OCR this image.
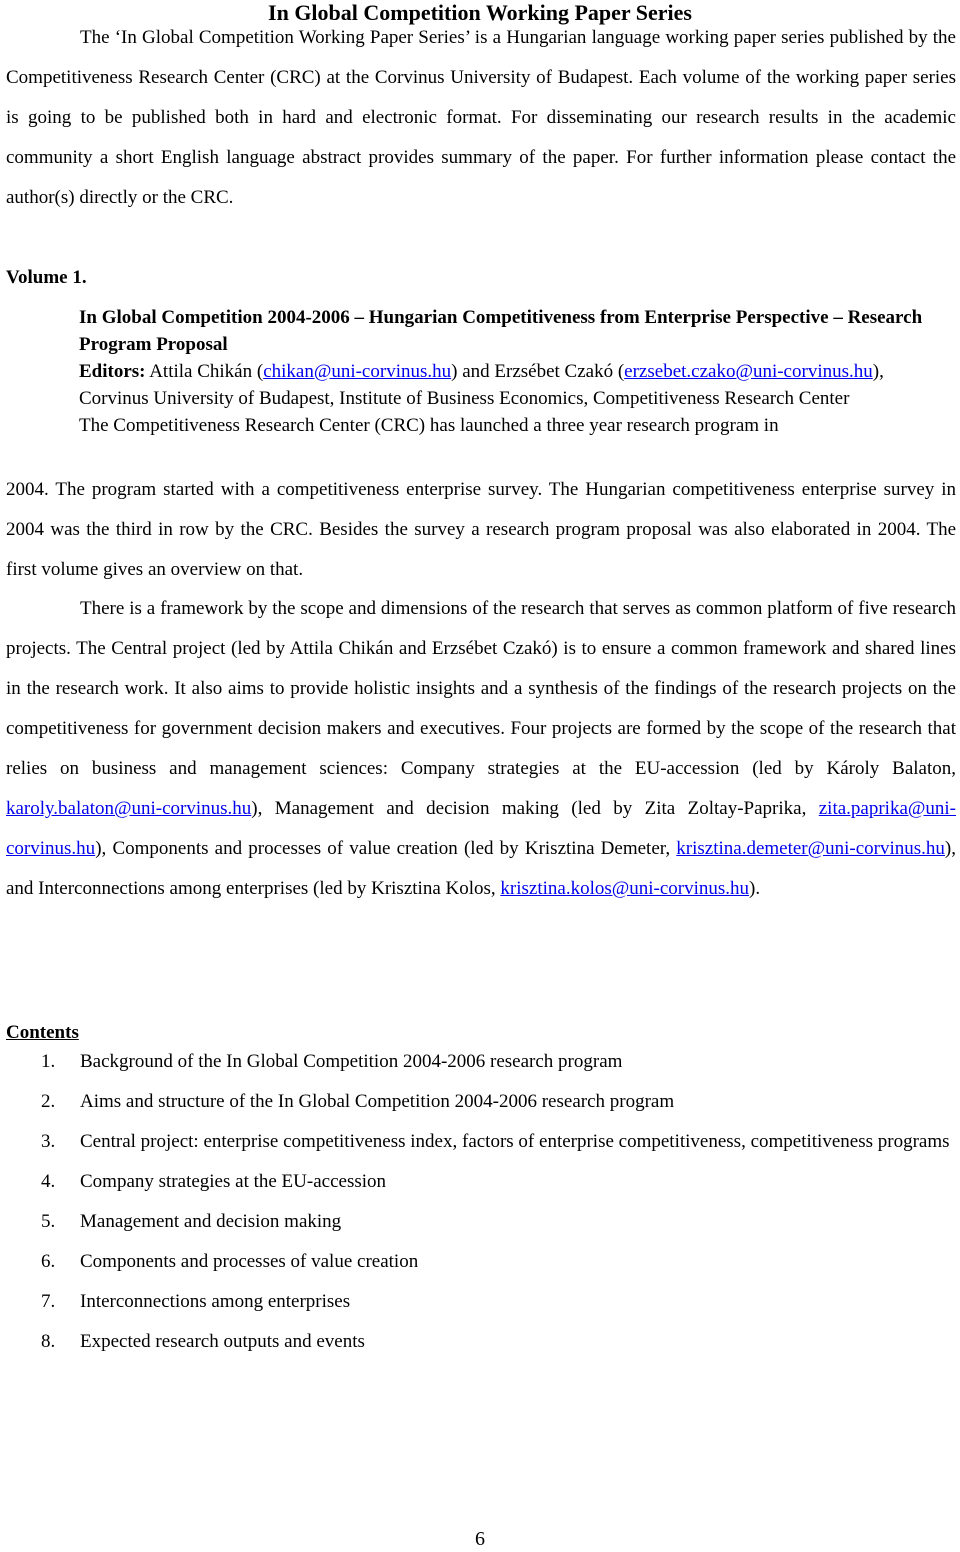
In Global Competition Working Paper Series

The ‘In Global Competition Working Paper Series’ is a Hungarian language working paper series published by the Competitiveness Research Center (CRC) at the Corvinus University of Budapest. Each volume of the working paper series is going to be published both in hard and electronic format. For disseminating our research results in the academic community a short English language abstract provides summary of the paper. For further information please contact the author(s) directly or the CRC.

Volume 1.

In Global Competition 2004-2006 – Hungarian Competitiveness from Enterprise Perspective – Research Program Proposal
Editors: Attila Chikán (chikan@uni-corvinus.hu) and Erzsébet Czakó (erzsebet.czako@uni-corvinus.hu), Corvinus University of Budapest, Institute of Business Economics, Competitiveness Research Center
The Competitiveness Research Center (CRC) has launched a three year research program in

2004. The program started with a competitiveness enterprise survey. The Hungarian competitiveness enterprise survey in 2004 was the third in row by the CRC. Besides the survey a research program proposal was also elaborated in 2004. The first volume gives an overview on that.

There is a framework by the scope and dimensions of the research that serves as common platform of five research projects. The Central project (led by Attila Chikán and Erzsébet Czakó) is to ensure a common framework and shared lines in the research work. It also aims to provide holistic insights and a synthesis of the findings of the research projects on the competitiveness for government decision makers and executives. Four projects are formed by the scope of the research that relies on business and management sciences: Company strategies at the EU-accession (led by Károly Balaton, karoly.balaton@uni-corvinus.hu), Management and decision making (led by Zita Zoltay-Paprika, zita.paprika@uni-corvinus.hu), Components and processes of value creation (led by Krisztina Demeter, krisztina.demeter@uni-corvinus.hu), and Interconnections among enterprises (led by Krisztina Kolos, krisztina.kolos@uni-corvinus.hu).

Contents

1. Background of the In Global Competition 2004-2006 research program
2. Aims and structure of the In Global Competition 2004-2006 research program
3. Central project: enterprise competitiveness index, factors of enterprise competitiveness, competitiveness programs
4. Company strategies at the EU-accession
5. Management and decision making
6. Components and processes of value creation
7. Interconnections among enterprises
8. Expected research outputs and events

6
